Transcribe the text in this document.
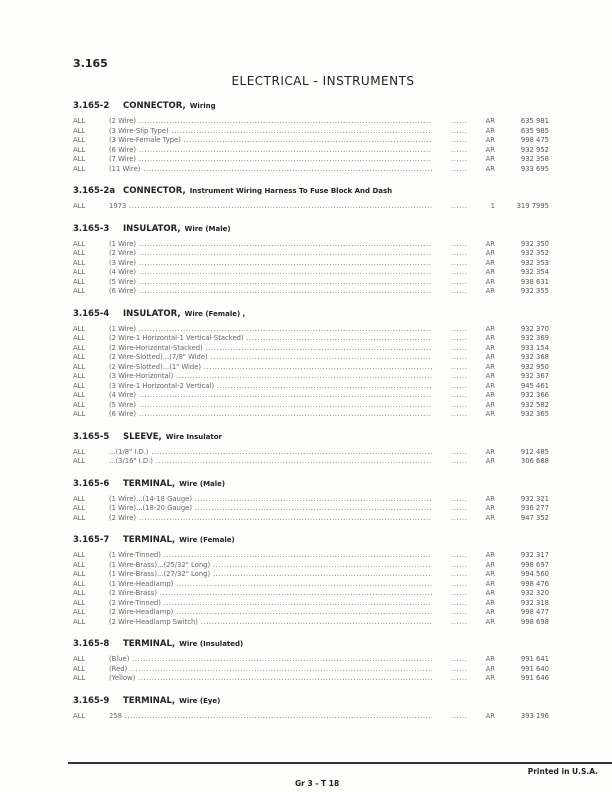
3.165
ELECTRICAL - INSTRUMENTS
3.165-2 CONNECTOR, Wiring
ALL	(2 Wire) .....	......	AR	635 981
ALL	(3 Wire-Slip Type) .....	......	AR	635 985
ALL	(3 Wire-Female Type) .....	......	AR	998 475
ALL	(6 Wire) .....	......	AR	932 952
ALL	(7 Wire) .....	......	AR	932 358
ALL	(11 Wire) .....	......	AR	933 695
3.165-2a CONNECTOR, Instrument Wiring Harness To Fuse Block And Dash
ALL	1973 .....	......	1	319 7995
3.165-3 INSULATOR, Wire (Male)
ALL	(1 Wire) .....	......	AR	932 350
ALL	(2 Wire) .....	......	AR	932 352
ALL	(3 Wire) .....	......	AR	932 353
ALL	(4 Wire) .....	......	AR	932 354
ALL	(5 Wire) .....	......	AR	938 631
ALL	(6 Wire) .....	......	AR	932 355
3.165-4 INSULATOR, Wire (Female) ,
ALL	(1 Wire) .....	......	AR	932 370
ALL	(2 Wire-1 Horizontal-1 Vertical-Stacked) .....	......	AR	932 369
ALL	(2 Wire-Horizontal-Stacked) .....	......	AR	933 154
ALL	(2 Wire-Slotted)...(7/8" Wide) .....	......	AR	932 368
ALL	(2 Wire-Slotted)...(1" Wide) .....	......	AR	932 950
ALL	(3 Wire-Horizontal) .....	......	AR	932 367
ALL	(3 Wire-1 Horizontal-2 Vertical) .....	......	AR	945 461
ALL	(4 Wire) .....	......	AR	932 366
ALL	(5 Wire) .....	......	AR	932 582
ALL	(6 Wire) .....	......	AR	932 365
3.165-5 SLEEVE, Wire Insulator
ALL	...(1/8" I.D.) .....	......	AR	912 485
ALL	...(3/16" I.D.) .....	......	AR	306 688
3.165-6 TERMINAL, Wire (Male)
ALL	(1 Wire)...(14-18 Gauge) .....	......	AR	932 321
ALL	(1 Wire)...(18-20 Gauge) .....	......	AR	936 277
ALL	(2 Wire) .....	......	AR	947 352
3.165-7 TERMINAL, Wire (Female)
ALL	(1 Wire-Tinned) .....	......	AR	932 317
ALL	(1 Wire-Brass)...(25/32" Long) .....	......	AR	998 697
ALL	(1 Wire-Brass)...(27/32" Long) .....	......	AR	994 560
ALL	(1 Wire-Headlamp) .....	......	AR	998 476
ALL	(2 Wire-Brass) .....	......	AR	932 320
ALL	(2 Wire-Tinned) .....	......	AR	932 318
ALL	(2 Wire-Headlamp) .....	......	AR	998 477
ALL	(2 Wire-Headlamp Switch) .....	......	AR	998 698
3.165-8 TERMINAL, Wire (Insulated)
ALL	(Blue) .....	......	AR	991 641
ALL	(Red) .....	......	AR	991 640
ALL	(Yellow) .....	......	AR	991 646
3.165-9 TERMINAL, Wire (Eye)
ALL	258 .....	......	AR	393 196
Printed in U.S.A.
Gr 3 - T 18
